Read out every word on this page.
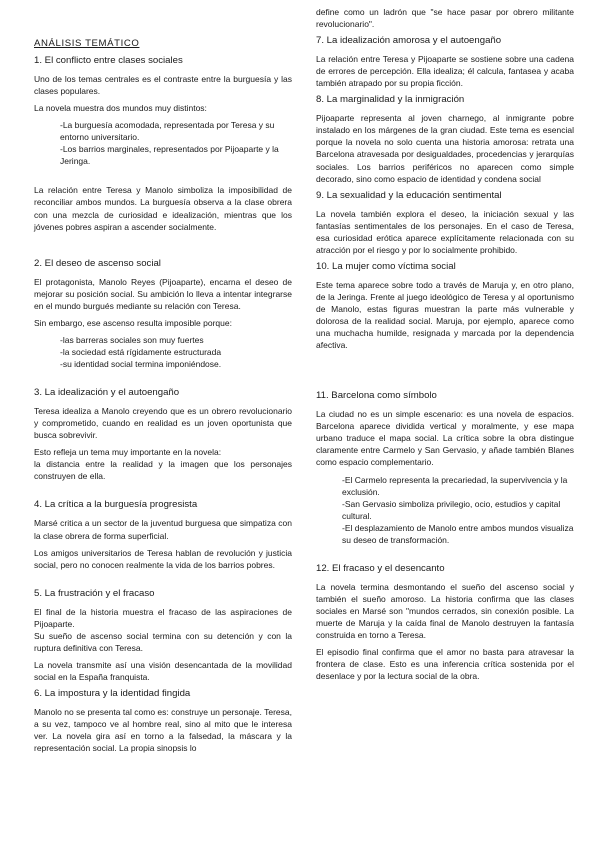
ANÁLISIS TEMÁTICO
1. El conflicto entre clases sociales

Uno de los temas centrales es el contraste entre la burguesía y las clases populares.

La novela muestra dos mundos muy distintos:

-La burguesía acomodada, representada por Teresa y su entorno universitario.
-Los barrios marginales, representados por Pijoaparte y la Jeringa.

La relación entre Teresa y Manolo simboliza la imposibilidad de reconciliar ambos mundos. La burguesía observa a la clase obrera con una mezcla de curiosidad e idealización, mientras que los jóvenes pobres aspiran a ascender socialmente.

2. El deseo de ascenso social

El protagonista, Manolo Reyes (Pijoaparte), encarna el deseo de mejorar su posición social. Su ambición lo lleva a intentar integrarse en el mundo burgués mediante su relación con Teresa.

Sin embargo, ese ascenso resulta imposible porque:

-las barreras sociales son muy fuertes
-la sociedad está rígidamente estructurada
-su identidad social termina imponiéndose.
3. La idealización y el autoengaño

Teresa idealiza a Manolo creyendo que es un obrero revolucionario y comprometido, cuando en realidad es un joven oportunista que busca sobrevivir.

Esto refleja un tema muy importante en la novela:

la distancia entre la realidad y la imagen que los personajes construyen de ella.

4. La crítica a la burguesía progresista

Marsé critica a un sector de la juventud burguesa que simpatiza con la clase obrera de forma superficial.

Los amigos universitarios de Teresa hablan de revolución y justicia social, pero no conocen realmente la vida de los barrios pobres.

5. La frustración y el fracaso

El final de la historia muestra el fracaso de las aspiraciones de Pijoaparte.

Su sueño de ascenso social termina con su detención y con la ruptura definitiva con Teresa.

La novela transmite así una visión desencantada de la movilidad social en la España franquista.

6. La impostura y la identidad fingida

Manolo no se presenta tal como es: construye un personaje. Teresa, a su vez, tampoco ve al hombre real, sino al mito que le interesa ver. La novela gira así en torno a la falsedad, la máscara y la representación social. La propia sinopsis lo

define como un ladrón que "se hace pasar por obrero militante revolucionario".

7. La idealización amorosa y el autoengaño

La relación entre Teresa y Pijoaparte se sostiene sobre una cadena de errores de percepción. Ella idealiza; él calcula, fantasea y acaba también atrapado por su propia ficción.

8. La marginalidad y la inmigración

Pijoaparte representa al joven charnego, al inmigrante pobre instalado en los márgenes de la gran ciudad. Este tema es esencial porque la novela no solo cuenta una historia amorosa: retrata una Barcelona atravesada por desigualdades, procedencias y jerarquías sociales. Los barrios periféricos no aparecen como simple decorado, sino como espacio de identidad y condena social

9. La sexualidad y la educación sentimental

La novela también explora el deseo, la iniciación sexual y las fantasías sentimentales de los personajes. En el caso de Teresa, esa curiosidad erótica aparece explícitamente relacionada con su atracción por el riesgo y por lo socialmente prohibido.

10. La mujer como víctima social

Este tema aparece sobre todo a través de Maruja y, en otro plano, de la Jeringa. Frente al juego ideológico de Teresa y al oportunismo de Manolo, estas figuras muestran la parte más vulnerable y dolorosa de la realidad social. Maruja, por ejemplo, aparece como una muchacha humilde, resignada y marcada por la dependencia afectiva.

11. Barcelona como símbolo

La ciudad no es un simple escenario: es una novela de espacios. Barcelona aparece dividida vertical y moralmente, y ese mapa urbano traduce el mapa social. La crítica sobre la obra distingue claramente entre Carmelo y San Gervasio, y añade también Blanes como espacio complementario.

-El Carmelo representa la precariedad, la supervivencia y la exclusión.
-San Gervasio simboliza privilegio, ocio, estudios y capital cultural.
-El desplazamiento de Manolo entre ambos mundos visualiza su deseo de transformación.
12. El fracaso y el desencanto

La novela termina desmontando el sueño del ascenso social y también el sueño amoroso. La historia confirma que las clases sociales en Marsé son "mundos cerrados, sin conexión posible. La muerte de Maruja y la caída final de Manolo destruyen la fantasía construida en torno a Teresa.

El episodio final confirma que el amor no basta para atravesar la frontera de clase. Esto es una inferencia crítica sostenida por el desenlace y por la lectura social de la obra.
